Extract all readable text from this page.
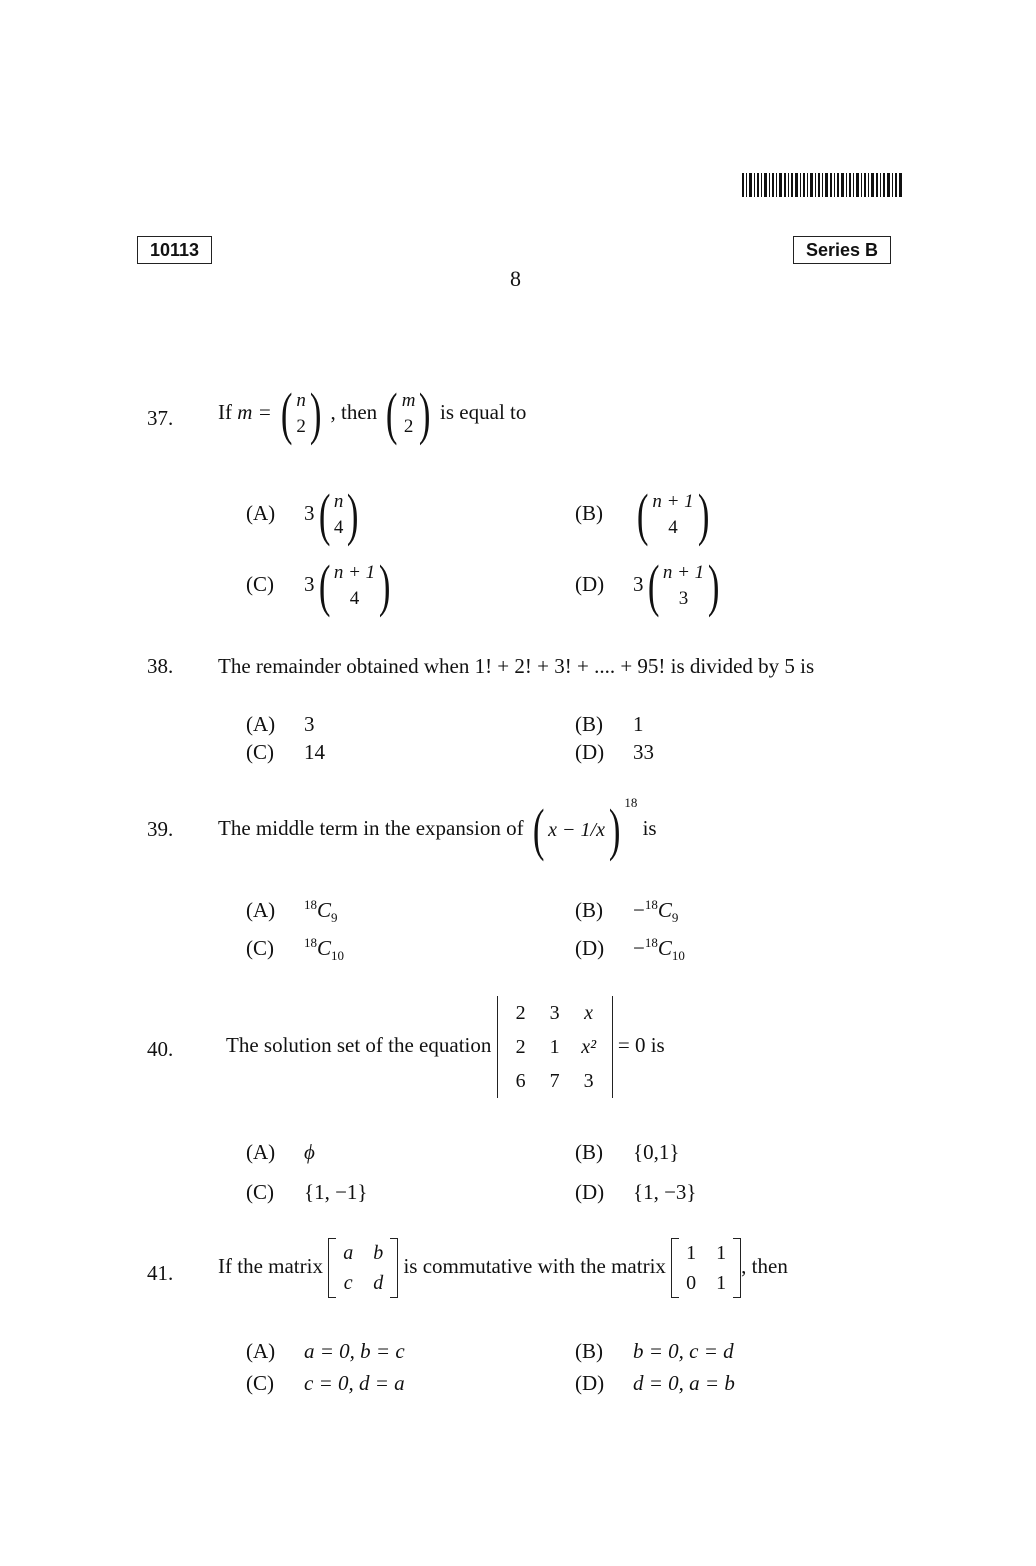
10113	Series B
8
37. If m = ( n
2 ) , then ( m
2 ) is equal to
(A) 3 ( n
4 )	(B) ( n + 1
4 )
(C) 3 ( n + 1
4 )	(D) 3 ( n + 1
3 )
38. The remainder obtained when 1! + 2! + 3! + .... + 95! is divided by 5 is
(A) 3	(B) 1
(C) 14	(D) 33
39. The middle term in the expansion of ( x − 1/x ) $^{18}$ is
(A) $^{18}C_9$	$(B) -^{18}C_9$
(C) $^{18}C_{10}$	$(D) -^{18}C_{10}$
40.	The solution set of the equation
2	3	x
2	1	x²
6	7	3
= 0 is
(A) ϕ	(B) {0,1}
(C) {1, −1}	(D) {1, −3}
41. If the matrix
a	b
c	d
is commutative with the matrix
1	1
0	1
, then
(A) a = 0, b = c	(B) b = 0, c = d
(C) c = 0, d = a	(D) d = 0, a = b
